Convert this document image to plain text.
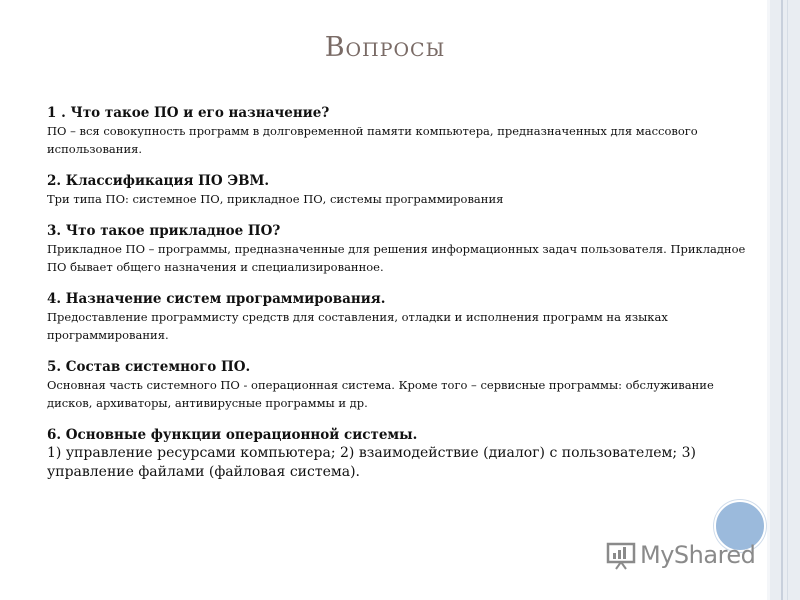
Вопросы

1 . Что такое ПО и его назначение?

ПО – вся совокупность программ в долговременной памяти компьютера, предназначенных для массового использования.

2. Классификация ПО ЭВМ.

Три типа ПО: системное ПО, прикладное ПО, системы программирования

3. Что такое прикладное ПО?

Прикладное ПО – программы, предназначенные для решения информационных задач пользователя. Прикладное ПО бывает общего назначения и специализированное.

4. Назначение систем программирования.

Предоставление программисту средств для составления, отладки и исполнения программ на языках программирования.

5. Состав системного ПО.

Основная часть системного ПО - операционная система. Кроме того – сервисные программы: обслуживание дисков, архиваторы, антивирусные программы и др.

6. Основные функции операционной системы.

1) управление ресурсами компьютера; 2) взаимодействие (диалог) с пользователем; 3) управление файлами (файловая система).

MyShared
